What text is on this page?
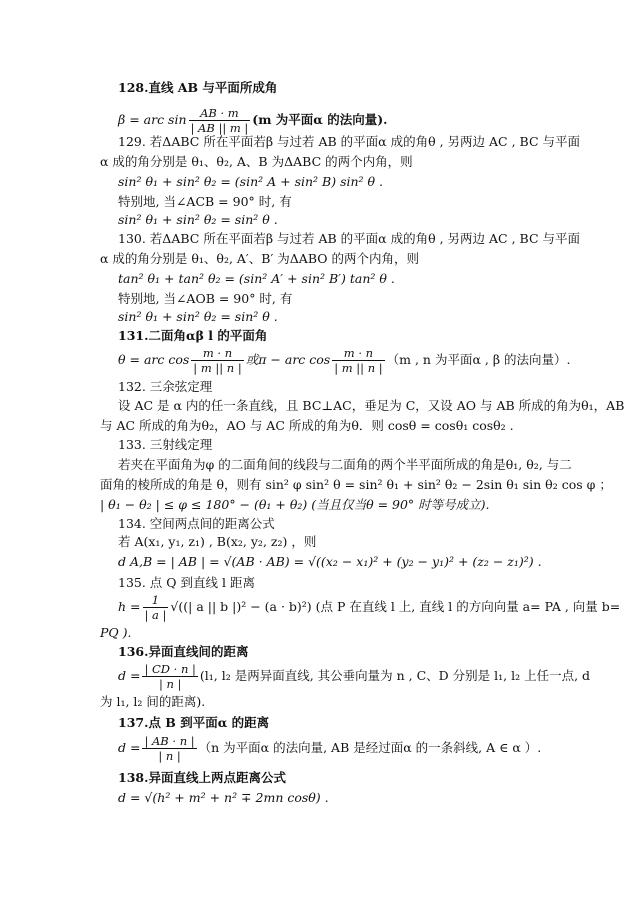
128.直线 AB 与平面所成角
β = arc $\sin \frac{AB \cdot m}{| AB || m |} (m$ 为平面α 的法向量).
129. 若ΔABC 所在平面若β 与过若 AB 的平面α 成的角θ , 另两边 AC , BC 与平面
α 成的角分别是 θ₁、θ₂, A、B 为ΔABC 的两个内角，则
sin² θ₁ + sin² θ₂ = (sin² A + sin² B) sin² θ .
特别地, 当∠ACB = 90° 时, 有
sin² θ₁ + sin² θ₂ = sin² θ .
130. 若ΔABC 所在平面若β 与过若 AB 的平面α 成的角θ , 另两边 AC , BC 与平面
α 成的角分别是 θ₁、θ₂, A′、B′ 为ΔABO 的两个内角，则
tan² θ₁ + tan² θ₂ = (sin² A′ + sin² B′) tan² θ .
特别地, 当∠AOB = 90° 时, 有
sin² θ₁ + sin² θ₂ = sin² θ .
131.二面角αβ l 的平面角
θ = arc $\cos \frac{m \cdot n}{| m || n |}$ 或π − arc $\cos \frac{m \cdot n}{| m || n |} (m$ , n 为平面α , β 的法向量）.
132. 三余弦定理
设 AC 是 α 内的任一条直线，且 BC⊥AC，垂足为 C，又设 AO 与 AB 所成的角为θ₁，AB
与 AC 所成的角为θ₂，AO 与 AC 所成的角为θ．则 cosθ = cosθ₁ cosθ₂ .
133. 三射线定理
若夹在平面角为φ 的二面角间的线段与二面角的两个半平面所成的角是θ₁, θ₂, 与二
面角的棱所成的角是 θ，则有 sin² φ sin² θ = sin² θ₁ + sin² θ₂ − 2sin θ₁ sin θ₂ cos φ ；
| θ₁ − θ₂ | ≤ φ ≤ 180° − (θ₁ + θ₂) (当且仅当θ = 90° 时等号成立).
134. 空间两点间的距离公式
若 A(x₁, y₁, z₁) , B(x₂, y₂, z₂) ，则
d A,B = | AB | = √(AB · AB) = √((x₂ − x₁)² + (y₂ − y₁)² + (z₂ − z₁)²) .
135. 点 Q 到直线 l 距离
$h = \frac{1}{| a |}$ √((| a || b |)² − (a · b)²) (点 P 在直线 l 上, 直线 l 的方向向量 a= PA , 向量 b=
PQ ).
136.异面直线间的距离
$d = \frac{| CD \cdot n |}{| n |} (l_1$, l₂ 是两异面直线, 其公垂向量为 n , C、D 分别是 l₁, l₂ 上任一点, d
为 l₁, l₂ 间的距离).
137.点 B 到平面α 的距离
$d = \frac{| AB \cdot n |}{| n |} (n$ 为平面α 的法向量, AB 是经过面α 的一条斜线, A ∈ α ）.
138.异面直线上两点距离公式
d = √(h² + m² + n² ∓ 2mn cosθ) .
